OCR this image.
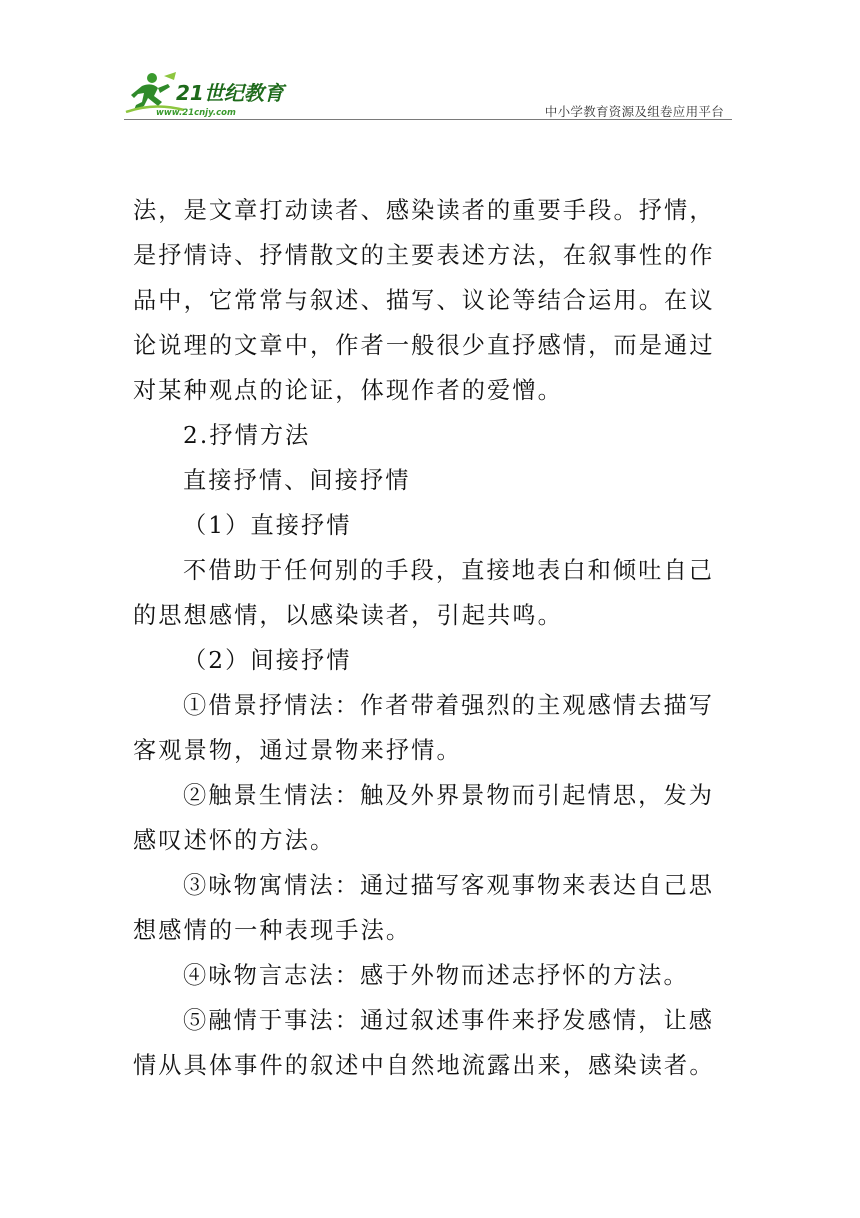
21世纪教育
www.21cnjy.com	中小学教育资源及组卷应用平台

法，是文章打动读者、感染读者的重要手段。抒情，是抒情诗、抒情散文的主要表述方法，在叙事性的作品中，它常常与叙述、描写、议论等结合运用。在议论说理的文章中，作者一般很少直抒感情，而是通过对某种观点的论证，体现作者的爱憎。

2.抒情方法

直接抒情、间接抒情

（1）直接抒情

不借助于任何别的手段，直接地表白和倾吐自己的思想感情，以感染读者，引起共鸣。

（2）间接抒情

①借景抒情法：作者带着强烈的主观感情去描写客观景物，通过景物来抒情。

②触景生情法：触及外界景物而引起情思，发为感叹述怀的方法。

③咏物寓情法：通过描写客观事物来表达自己思想感情的一种表现手法。

④咏物言志法：感于外物而述志抒怀的方法。

⑤融情于事法：通过叙述事件来抒发感情，让感情从具体事件的叙述中自然地流露出来，感染读者。
